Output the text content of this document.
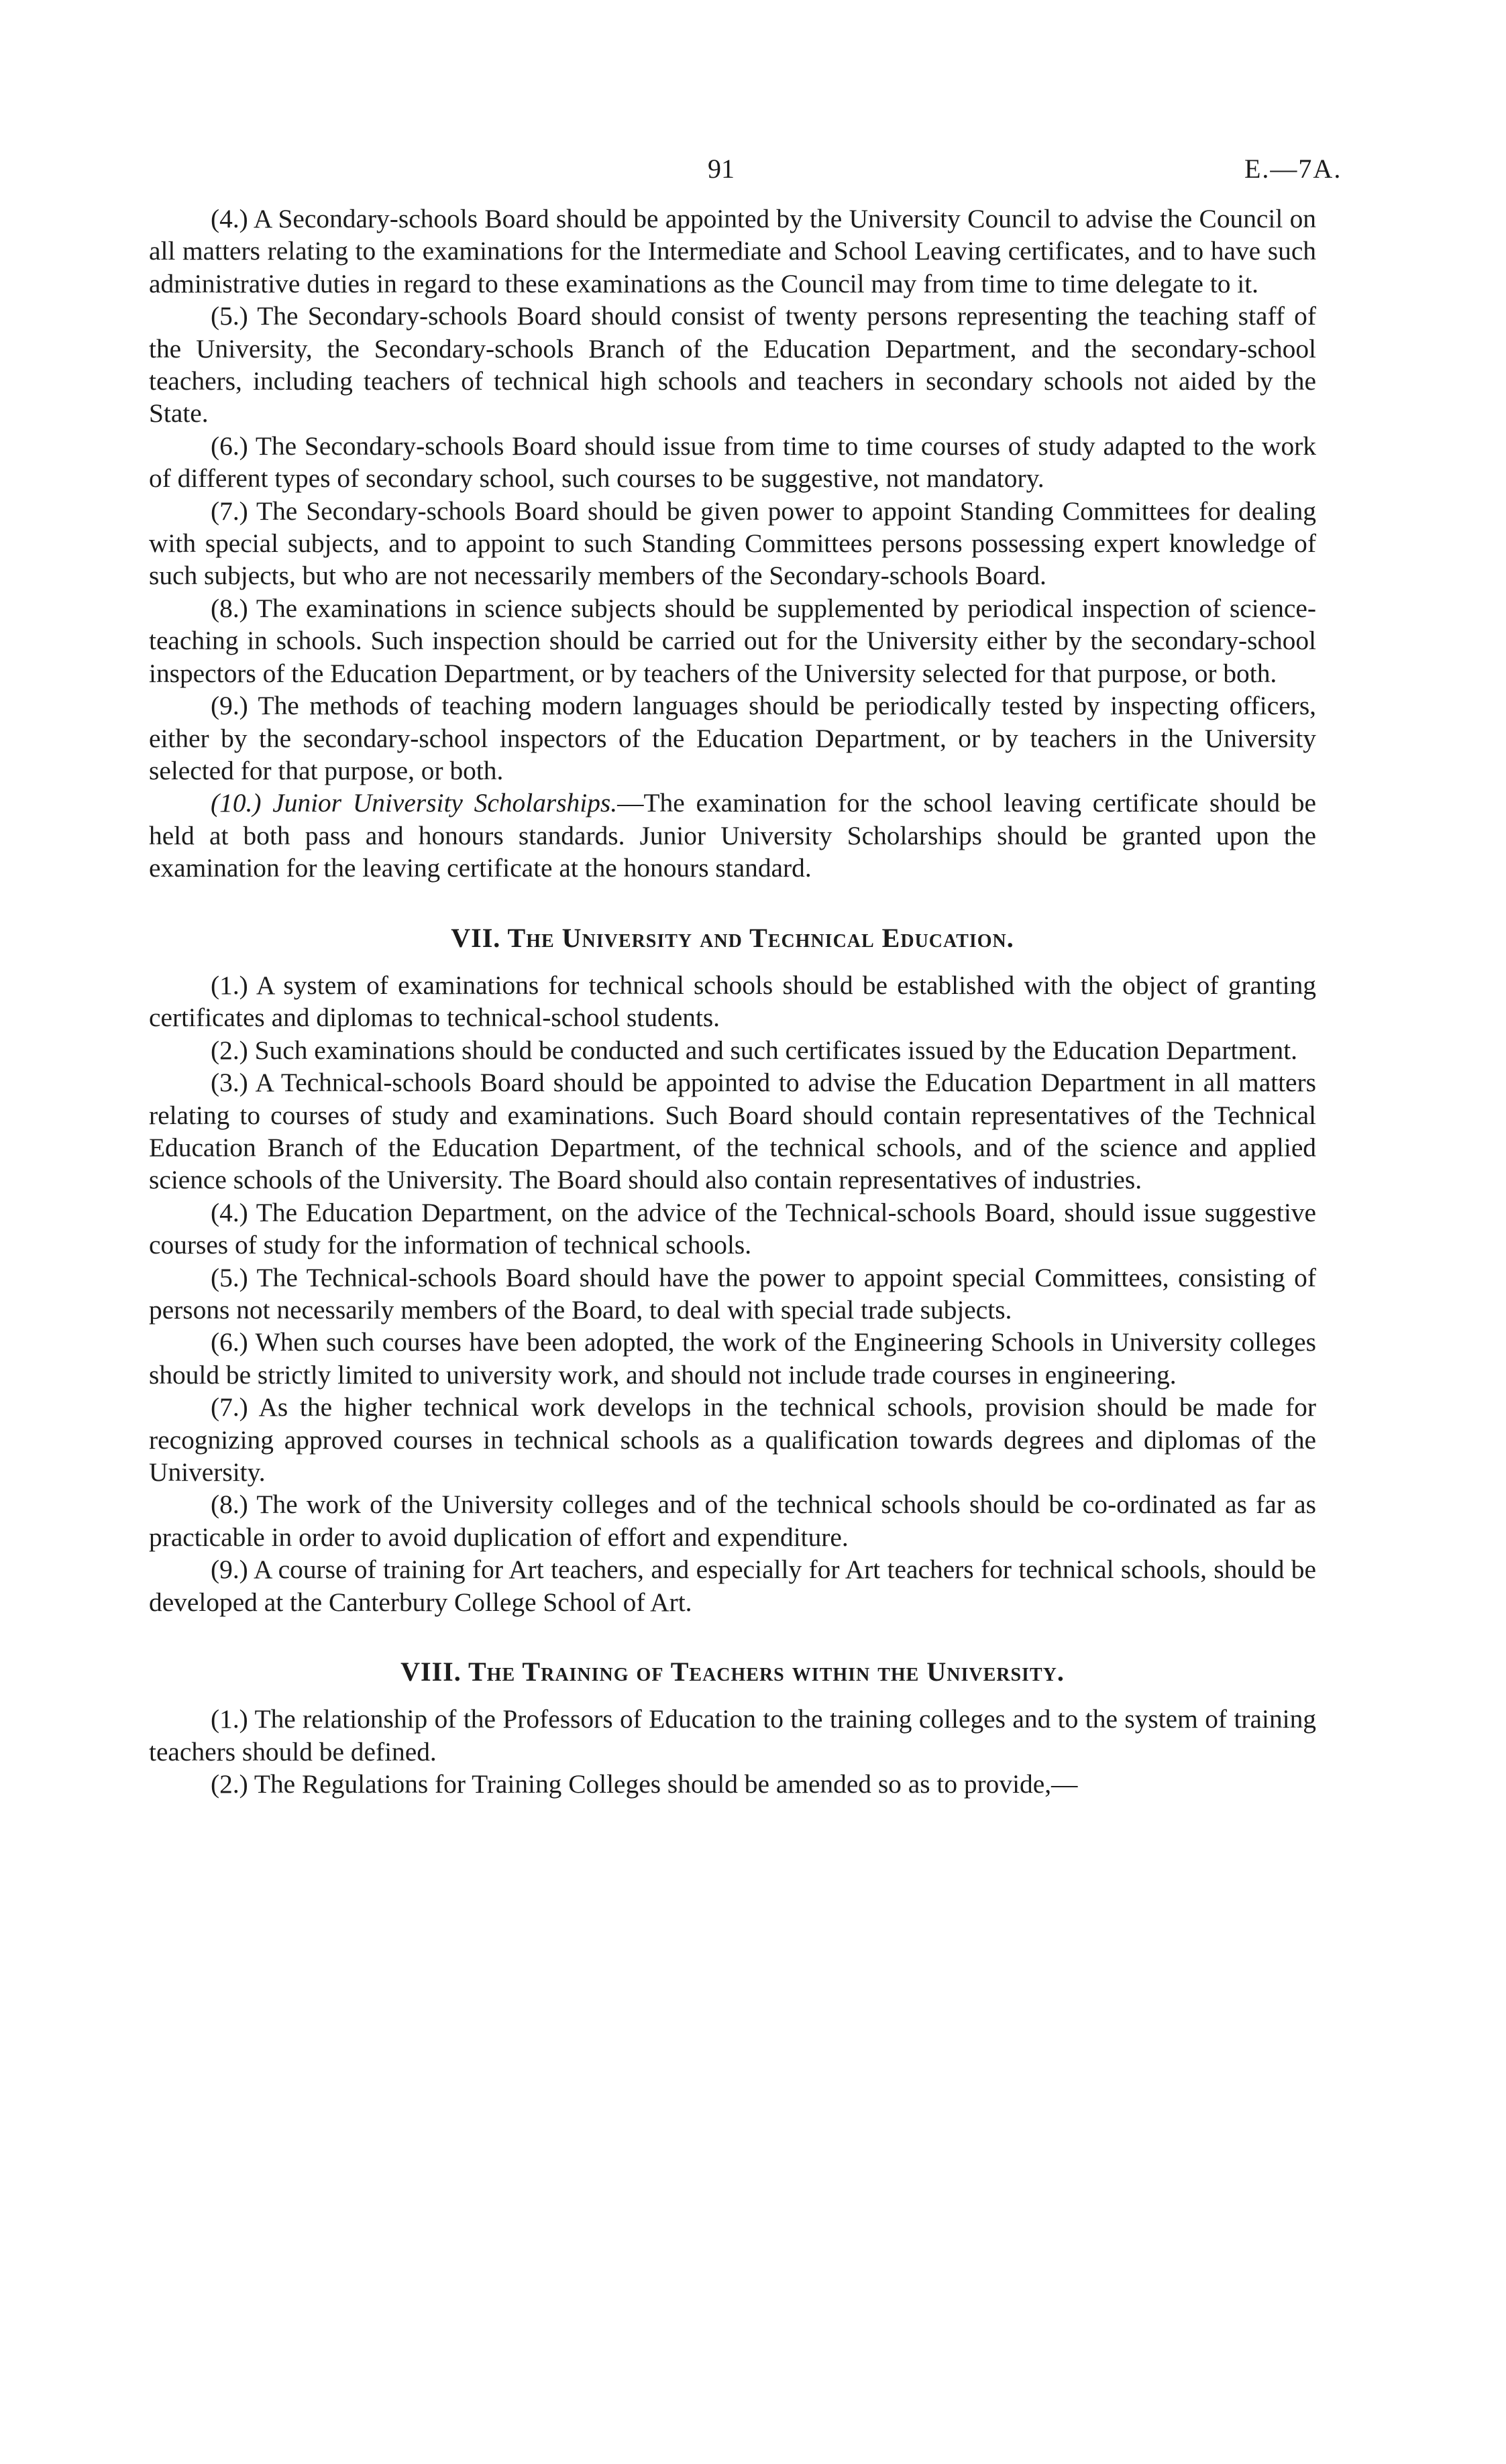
91	E.—7A.

(4.) A Secondary-schools Board should be appointed by the University Council to advise the Council on all matters relating to the examinations for the Intermediate and School Leaving certificates, and to have such administrative duties in regard to these examinations as the Council may from time to time delegate to it.

(5.) The Secondary-schools Board should consist of twenty persons representing the teaching staff of the University, the Secondary-schools Branch of the Education Department, and the secondary-school teachers, including teachers of technical high schools and teachers in secondary schools not aided by the State.

(6.) The Secondary-schools Board should issue from time to time courses of study adapted to the work of different types of secondary school, such courses to be suggestive, not mandatory.

(7.) The Secondary-schools Board should be given power to appoint Standing Committees for dealing with special subjects, and to appoint to such Standing Committees persons possessing expert knowledge of such subjects, but who are not necessarily members of the Secondary-schools Board.

(8.) The examinations in science subjects should be supplemented by periodical inspection of science-teaching in schools. Such inspection should be carried out for the University either by the secondary-school inspectors of the Education Department, or by teachers of the University selected for that purpose, or both.

(9.) The methods of teaching modern languages should be periodically tested by inspecting officers, either by the secondary-school inspectors of the Education Department, or by teachers in the University selected for that purpose, or both.

(10.) Junior University Scholarships.—The examination for the school leaving certificate should be held at both pass and honours standards. Junior University Scholarships should be granted upon the examination for the leaving certificate at the honours standard.

VII. The University and Technical Education.

(1.) A system of examinations for technical schools should be established with the object of granting certificates and diplomas to technical-school students.

(2.) Such examinations should be conducted and such certificates issued by the Education Department.

(3.) A Technical-schools Board should be appointed to advise the Education Department in all matters relating to courses of study and examinations. Such Board should contain representatives of the Technical Education Branch of the Education Department, of the technical schools, and of the science and applied science schools of the University. The Board should also contain representatives of industries.

(4.) The Education Department, on the advice of the Technical-schools Board, should issue suggestive courses of study for the information of technical schools.

(5.) The Technical-schools Board should have the power to appoint special Committees, consisting of persons not necessarily members of the Board, to deal with special trade subjects.

(6.) When such courses have been adopted, the work of the Engineering Schools in University colleges should be strictly limited to university work, and should not include trade courses in engineering.

(7.) As the higher technical work develops in the technical schools, provision should be made for recognizing approved courses in technical schools as a qualification towards degrees and diplomas of the University.

(8.) The work of the University colleges and of the technical schools should be co-ordinated as far as practicable in order to avoid duplication of effort and expenditure.

(9.) A course of training for Art teachers, and especially for Art teachers for technical schools, should be developed at the Canterbury College School of Art.

VIII. The Training of Teachers within the University.

(1.) The relationship of the Professors of Education to the training colleges and to the system of training teachers should be defined.

(2.) The Regulations for Training Colleges should be amended so as to provide,—
